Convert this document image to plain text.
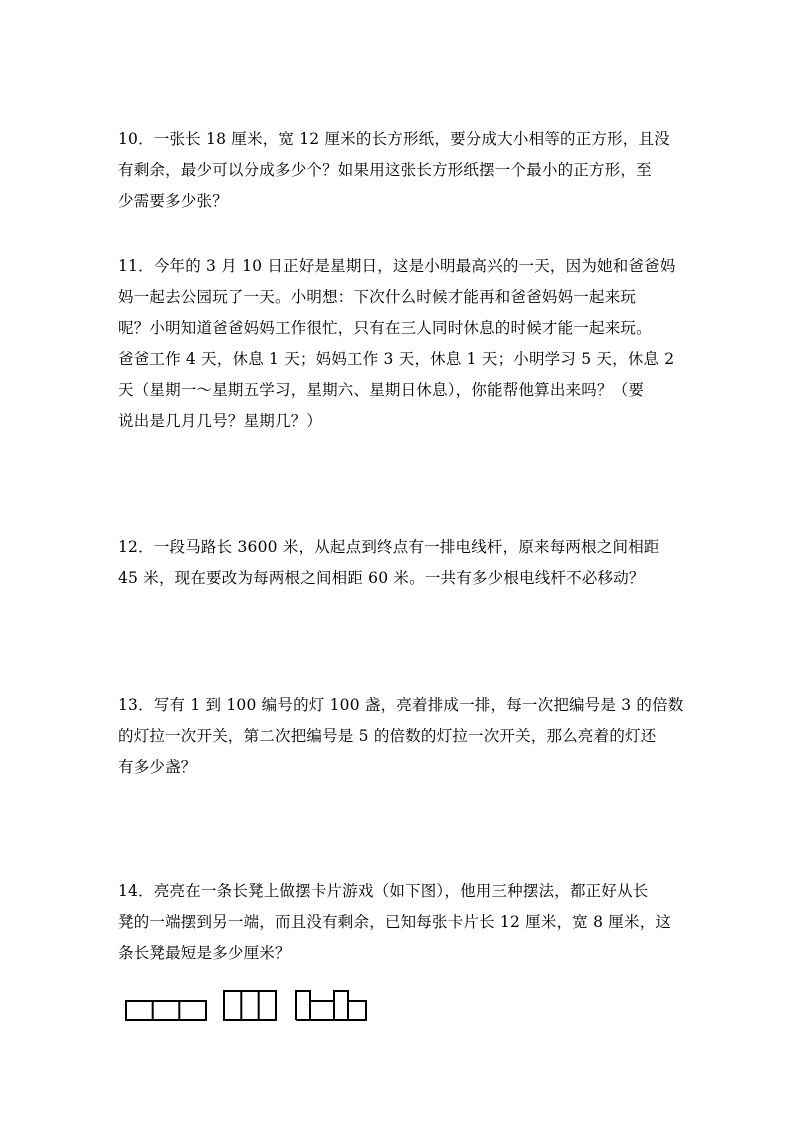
10．一张长 18 厘米，宽 12 厘米的长方形纸，要分成大小相等的正方形，且没

有剩余，最少可以分成多少个？如果用这张长方形纸摆一个最小的正方形，至

少需要多少张？

11．今年的 3 月 10 日正好是星期日，这是小明最高兴的一天，因为她和爸爸妈

妈一起去公园玩了一天。小明想：下次什么时候才能再和爸爸妈妈一起来玩

呢？小明知道爸爸妈妈工作很忙，只有在三人同时休息的时候才能一起来玩。

爸爸工作 4 天，休息 1 天；妈妈工作 3 天，休息 1 天；小明学习 5 天，休息 2

天（星期一～星期五学习，星期六、星期日休息），你能帮他算出来吗？（要

说出是几月几号？星期几？）

12．一段马路长 3600 米，从起点到终点有一排电线杆，原来每两根之间相距

45 米，现在要改为每两根之间相距 60 米。一共有多少根电线杆不必移动？

13．写有 1 到 100 编号的灯 100 盏，亮着排成一排，每一次把编号是 3 的倍数

的灯拉一次开关，第二次把编号是 5 的倍数的灯拉一次开关，那么亮着的灯还

有多少盏？

14．亮亮在一条长凳上做摆卡片游戏（如下图），他用三种摆法，都正好从长

凳的一端摆到另一端，而且没有剩余，已知每张卡片长 12 厘米，宽 8 厘米，这

条长凳最短是多少厘米？
